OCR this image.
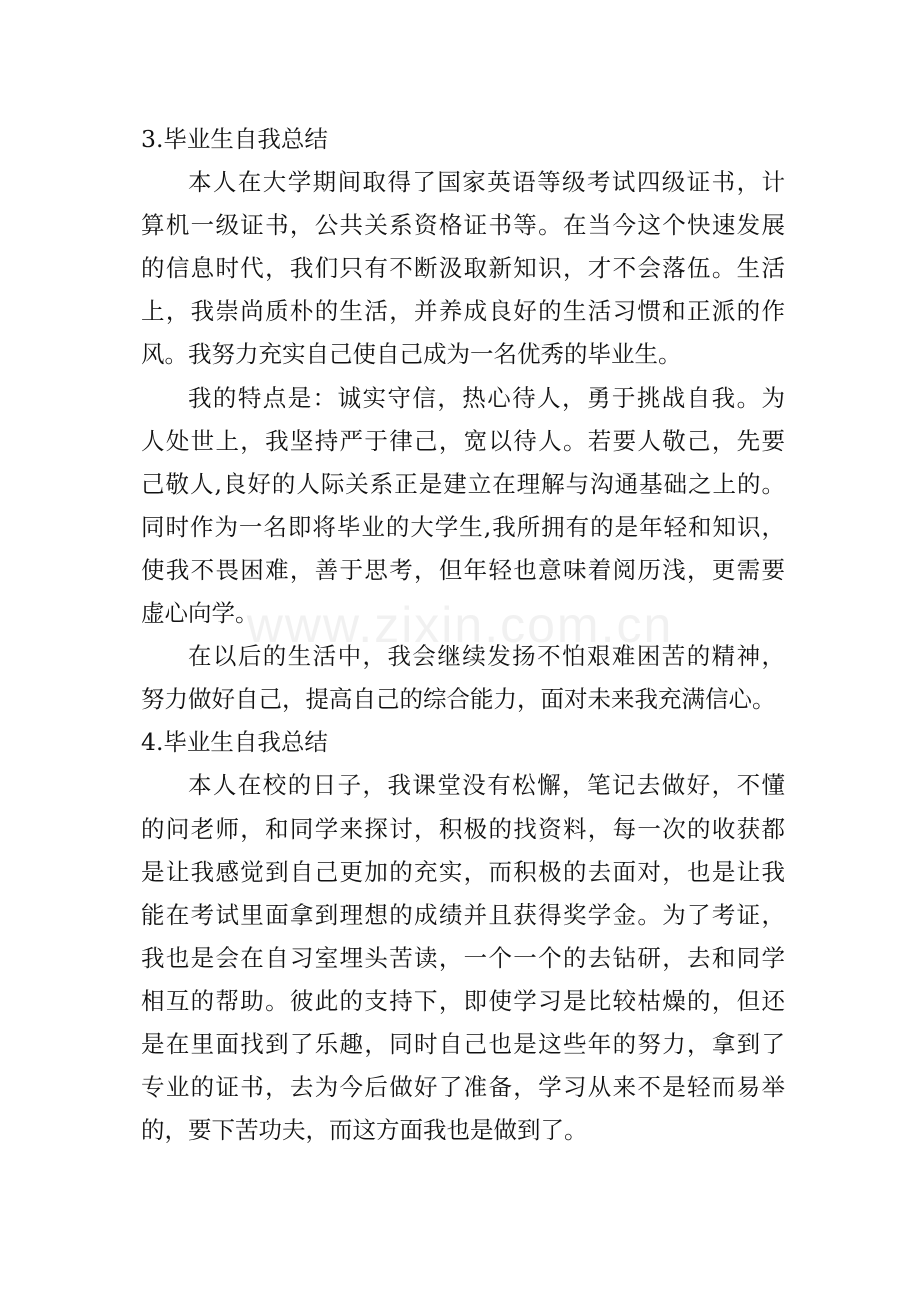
3.毕业生自我总结
本人在大学期间取得了国家英语等级考试四级证书，计
算机一级证书，公共关系资格证书等。在当今这个快速发展
的信息时代，我们只有不断汲取新知识，才不会落伍。生活
上，我崇尚质朴的生活，并养成良好的生活习惯和正派的作
风。我努力充实自己使自己成为一名优秀的毕业生。
我的特点是：诚实守信，热心待人，勇于挑战自我。为
人处世上，我坚持严于律己，宽以待人。若要人敬己，先要
己敬人,良好的人际关系正是建立在理解与沟通基础之上的。
同时作为一名即将毕业的大学生,我所拥有的是年轻和知识，
使我不畏困难，善于思考，但年轻也意味着阅历浅，更需要
虚心向学。
在以后的生活中，我会继续发扬不怕艰难困苦的精神，
努力做好自己，提高自己的综合能力，面对未来我充满信心。
4.毕业生自我总结
本人在校的日子，我课堂没有松懈，笔记去做好，不懂
的问老师，和同学来探讨，积极的找资料，每一次的收获都
是让我感觉到自己更加的充实，而积极的去面对，也是让我
能在考试里面拿到理想的成绩并且获得奖学金。为了考证，
我也是会在自习室埋头苦读，一个一个的去钻研，去和同学
相互的帮助。彼此的支持下，即使学习是比较枯燥的，但还
是在里面找到了乐趣，同时自己也是这些年的努力，拿到了
专业的证书，去为今后做好了准备，学习从来不是轻而易举
的，要下苦功夫，而这方面我也是做到了。
www.zixin.com.cn
